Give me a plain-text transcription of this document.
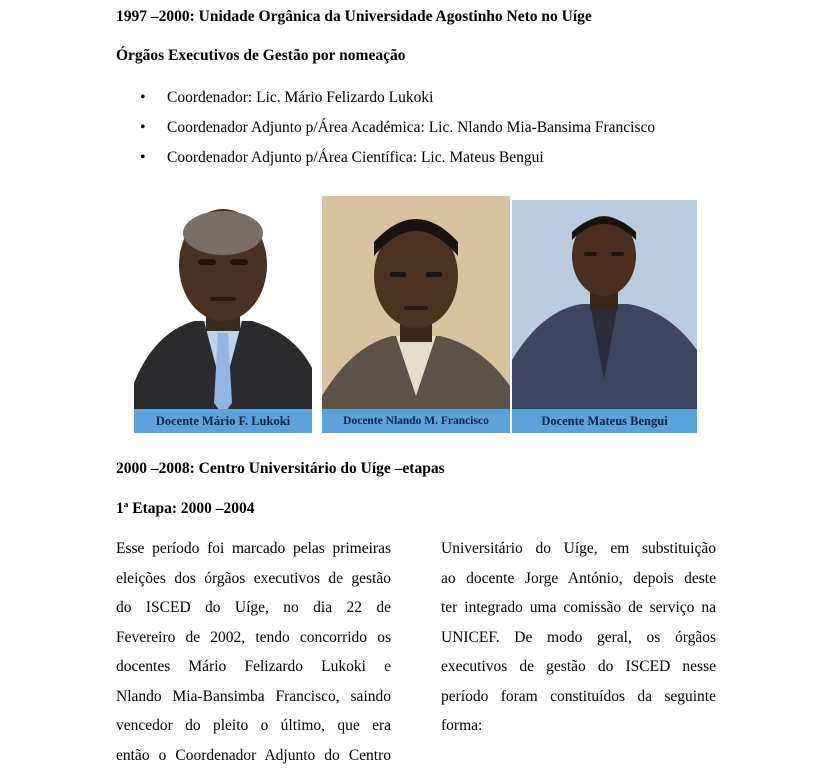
1997 –2000: Unidade Orgânica da Universidade Agostinho Neto no Uíge
Órgãos Executivos de Gestão por nomeação
• Coordenador: Lic. Mário Felizardo Lukoki
• Coordenador Adjunto p/Área Académica: Lic. Nlando Mia-Bansima Francisco
• Coordenador Adjunto p/Área Científica: Lic. Mateus Bengui
Docente Mário F. Lukoki	Docente Nlando M. Francisco	Docente Mateus Bengui
2000 –2008: Centro Universitário do Uíge –etapas
1ª Etapa: 2000 –2004
Esse período foi marcado pelas primeiras
eleições dos órgãos executivos de gestão
do ISCED do Uíge, no dia 22 de
Fevereiro de 2002, tendo concorrido os
docentes Mário Felizardo Lukoki e
Nlando Mia-Bansimba Francisco, saindo
vencedor do pleito o último, que era
então o Coordenador Adjunto do Centro
Universitário do Uíge, em substituição
ao docente Jorge António, depois deste
ter integrado uma comissão de serviço na
UNICEF. De modo geral, os órgãos
executivos de gestão do ISCED nesse
período foram constituídos da seguinte
forma:
